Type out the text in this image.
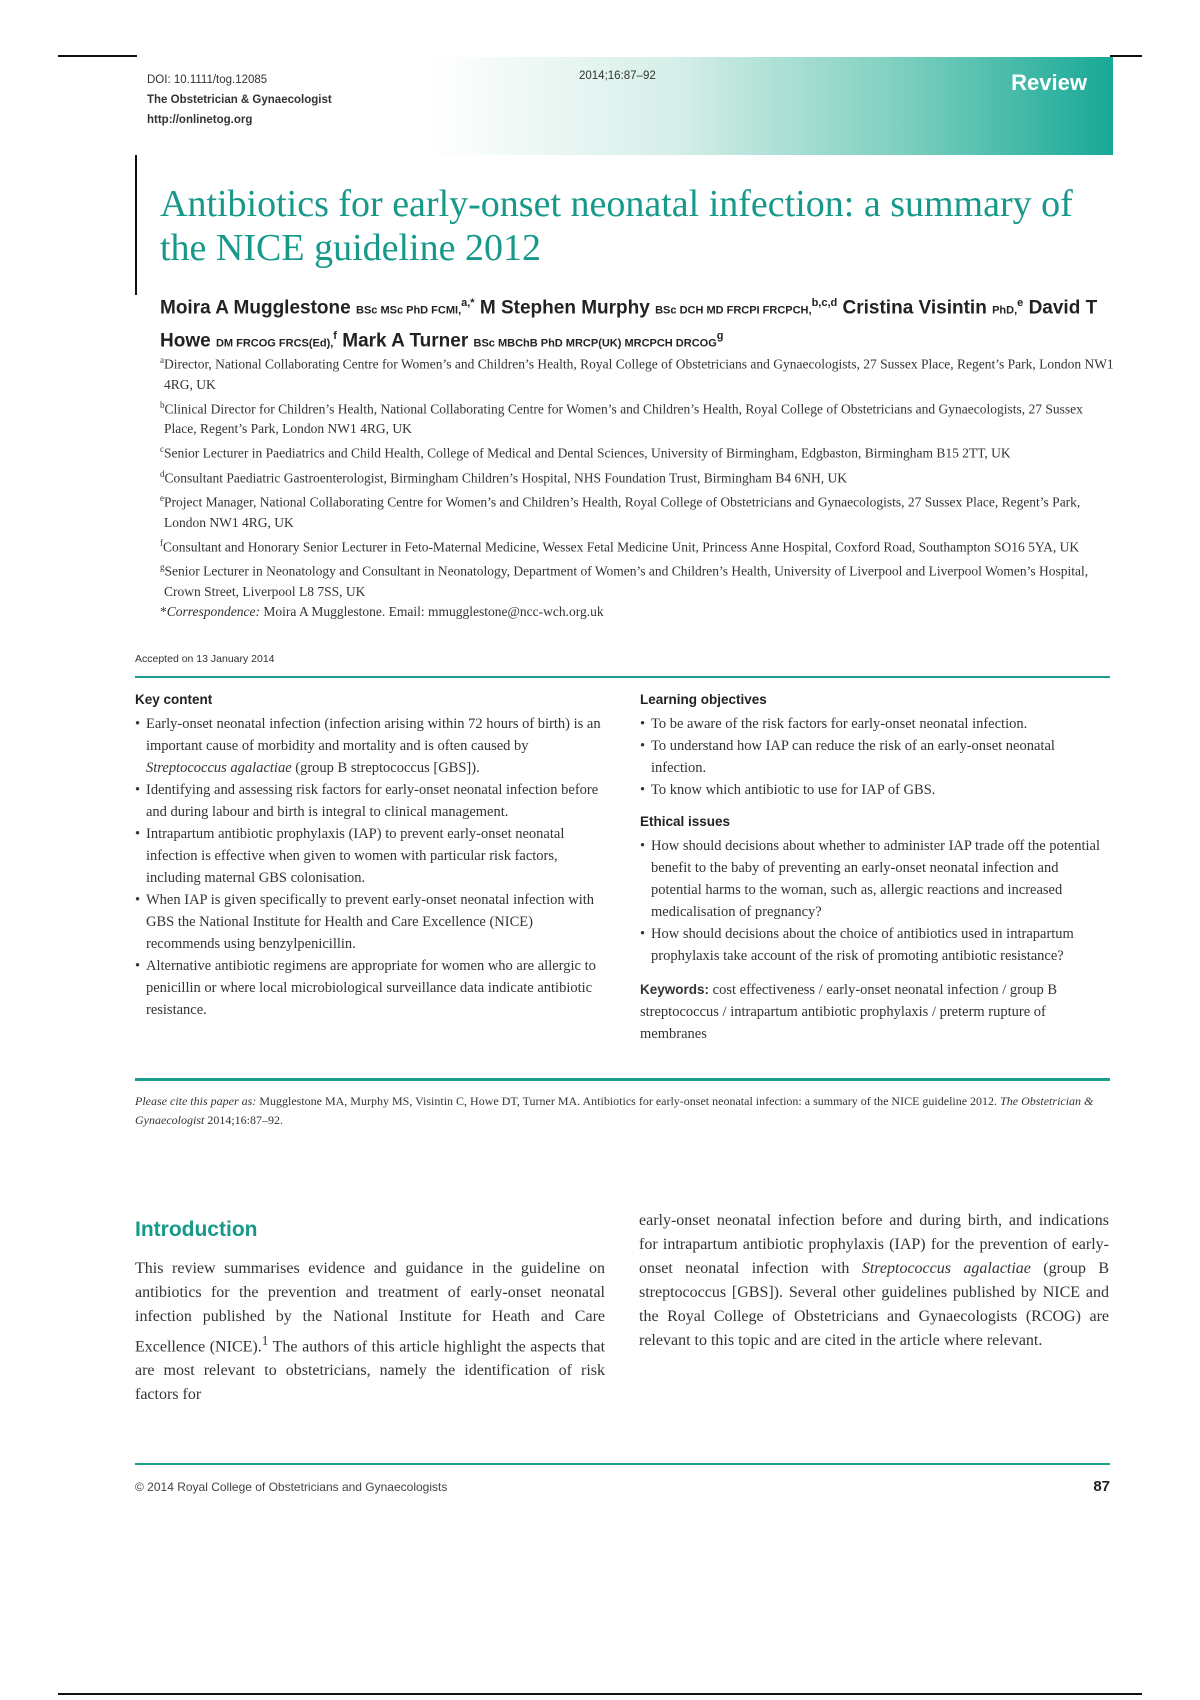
DOI: 10.1111/tog.12085
The Obstetrician & Gynaecologist
http://onlinetog.org
2014;16:87–92	Review
Antibiotics for early-onset neonatal infection: a summary of the NICE guideline 2012
Moira A Mugglestone BSc MSc PhD FCMI,$^{a,*}$ M Stephen Murphy BSc DCH MD FRCPI FRCPCH,$^{b,c,d}$ Cristina Visintin PhD,$^e$ David T Howe DM FRCOG FRCS(Ed),$^f$ Mark A Turner BSc MBChB PhD MRCP(UK) MRCPCH DRCOG$^g$
$^a$Director, National Collaborating Centre for Women’s and Children’s Health, Royal College of Obstetricians and Gynaecologists, 27 Sussex Place, Regent’s Park, London NW1 4RG, UK
$^b$Clinical Director for Children’s Health, National Collaborating Centre for Women’s and Children’s Health, Royal College of Obstetricians and Gynaecologists, 27 Sussex Place, Regent’s Park, London NW1 4RG, UK
$^c$Senior Lecturer in Paediatrics and Child Health, College of Medical and Dental Sciences, University of Birmingham, Edgbaston, Birmingham B15 2TT, UK
$^d$Consultant Paediatric Gastroenterologist, Birmingham Children’s Hospital, NHS Foundation Trust, Birmingham B4 6NH, UK
$^e$Project Manager, National Collaborating Centre for Women’s and Children’s Health, Royal College of Obstetricians and Gynaecologists, 27 Sussex Place, Regent’s Park, London NW1 4RG, UK
$^f$Consultant and Honorary Senior Lecturer in Feto-Maternal Medicine, Wessex Fetal Medicine Unit, Princess Anne Hospital, Coxford Road, Southampton SO16 5YA, UK
$^g$Senior Lecturer in Neonatology and Consultant in Neonatology, Department of Women’s and Children’s Health, University of Liverpool and Liverpool Women’s Hospital, Crown Street, Liverpool L8 7SS, UK
*Correspondence: Moira A Mugglestone. Email: mmugglestone@ncc-wch.org.uk
Accepted on 13 January 2014
Key content
• Early-onset neonatal infection (infection arising within 72 hours of birth) is an important cause of morbidity and mortality and is often caused by Streptococcus agalactiae (group B streptococcus [GBS]).
• Identifying and assessing risk factors for early-onset neonatal infection before and during labour and birth is integral to clinical management.
• Intrapartum antibiotic prophylaxis (IAP) to prevent early-onset neonatal infection is effective when given to women with particular risk factors, including maternal GBS colonisation.
• When IAP is given specifically to prevent early-onset neonatal infection with GBS the National Institute for Health and Care Excellence (NICE) recommends using benzylpenicillin.
• Alternative antibiotic regimens are appropriate for women who are allergic to penicillin or where local microbiological surveillance data indicate antibiotic resistance.
Learning objectives
• To be aware of the risk factors for early-onset neonatal infection.
• To understand how IAP can reduce the risk of an early-onset neonatal infection.
• To know which antibiotic to use for IAP of GBS.
Ethical issues
• How should decisions about whether to administer IAP trade off the potential benefit to the baby of preventing an early-onset neonatal infection and potential harms to the woman, such as, allergic reactions and increased medicalisation of pregnancy?
• How should decisions about the choice of antibiotics used in intrapartum prophylaxis take account of the risk of promoting antibiotic resistance?
Keywords: cost effectiveness / early-onset neonatal infection / group B streptococcus / intrapartum antibiotic prophylaxis / preterm rupture of membranes
Please cite this paper as: Mugglestone MA, Murphy MS, Visintin C, Howe DT, Turner MA. Antibiotics for early-onset neonatal infection: a summary of the NICE guideline 2012. The Obstetrician & Gynaecologist 2014;16:87–92.
Introduction

This review summarises evidence and guidance in the guideline on antibiotics for the prevention and treatment of early-onset neonatal infection published by the National Institute for Heath and Care Excellence (NICE).$^1$ The authors of this article highlight the aspects that are most relevant to obstetricians, namely the identification of risk factors for

early-onset neonatal infection before and during birth, and indications for intrapartum antibiotic prophylaxis (IAP) for the prevention of early-onset neonatal infection with Streptococcus agalactiae (group B streptococcus [GBS]). Several other guidelines published by NICE and the Royal College of Obstetricians and Gynaecologists (RCOG) are relevant to this topic and are cited in the article where relevant.

© 2014 Royal College of Obstetricians and Gynaecologists	87
